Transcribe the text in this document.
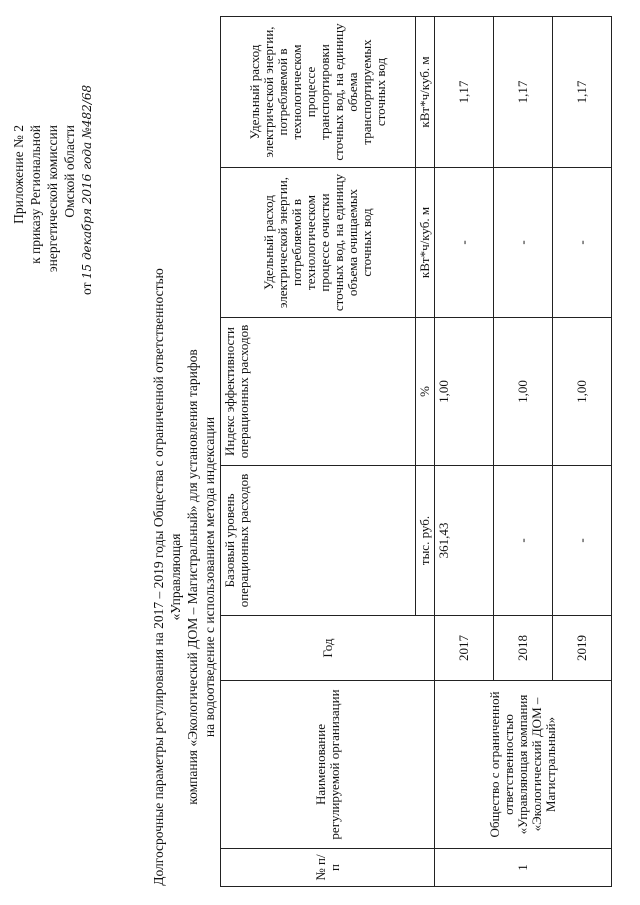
Приложение № 2 к приказу Региональной энергетической комиссии Омской области
от 15 декабря 2016 года №482/68
Долгосрочные параметры регулирования на 2017 – 2019 годы Общества с ограниченной ответственностью «Управляющая компания «Экологический ДОМ – Магистральный» для установления тарифов на водоотведение с использованием метода индексации
№ п/п	Наименование регулируемой организации	Год	Базовый уровень операционных расходов	Индекс эффективности операционных расходов	Удельный расход электрической энергии, потребляемой в технологическом процессе очистки сточных вод, на единицу объема очищаемых сточных вод	Удельный расход электрической энергии, потребляемой в технологическом процессе транспортировки сточных вод, на единицу объема транспортируемых сточных вод
			тыс. руб.	%	кВт*ч/куб. м	кВт*ч/куб. м
1	Общество с ограниченной ответственностью «Управляющая компания «Экологический ДОМ – Магистральный»	2017	361,43	1,00	-	1,17
		2018	-	1,00	-	1,17
		2019	-	1,00	-	1,17
